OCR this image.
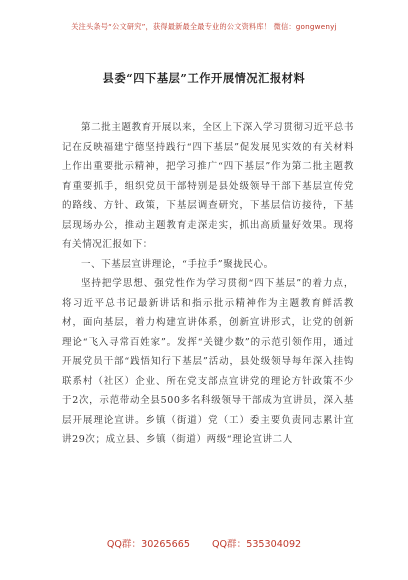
关注头条号“公文研究”，获得最新最全最专业的公文资料库！ 微信：gongwenyj
县委“四下基层”工作开展情况汇报材料

第二批主题教育开展以来，全区上下深入学习贯彻习近平总书记在反映福建宁德坚持践行“四下基层”促发展见实效的有关材料上作出重要批示精神，把学习推广“四下基层”作为第二批主题教育重要抓手，组织党员干部特别是县处级领导干部下基层宣传党的路线、方针、政策，下基层调查研究，下基层信访接待，下基层现场办公，推动主题教育走深走实，抓出高质量好效果。现将有关情况汇报如下：

一、下基层宣讲理论，“手拉手”聚拢民心。

坚持把学思想、强党性作为学习贯彻“四下基层”的着力点，将习近平总书记最新讲话和指示批示精神作为主题教育鲜活教材，面向基层，着力构建宣讲体系，创新宣讲形式，让党的创新理论“飞入寻常百姓家”。发挥“关键少数”的示范引领作用，通过开展党员干部“践悟知行下基层”活动，县处级领导每年深入挂钩联系村（社区）企业、所在党支部点宣讲党的理论方针政策不少于2次，示范带动全县500多名科级领导干部成为宣讲员，深入基层开展理论宣讲。乡镇（街道）党（工）委主要负责同志累计宣讲29次；成立县、乡镇（街道）两级“理论宣讲二人

QQ群：30265665 QQ群：535304092
